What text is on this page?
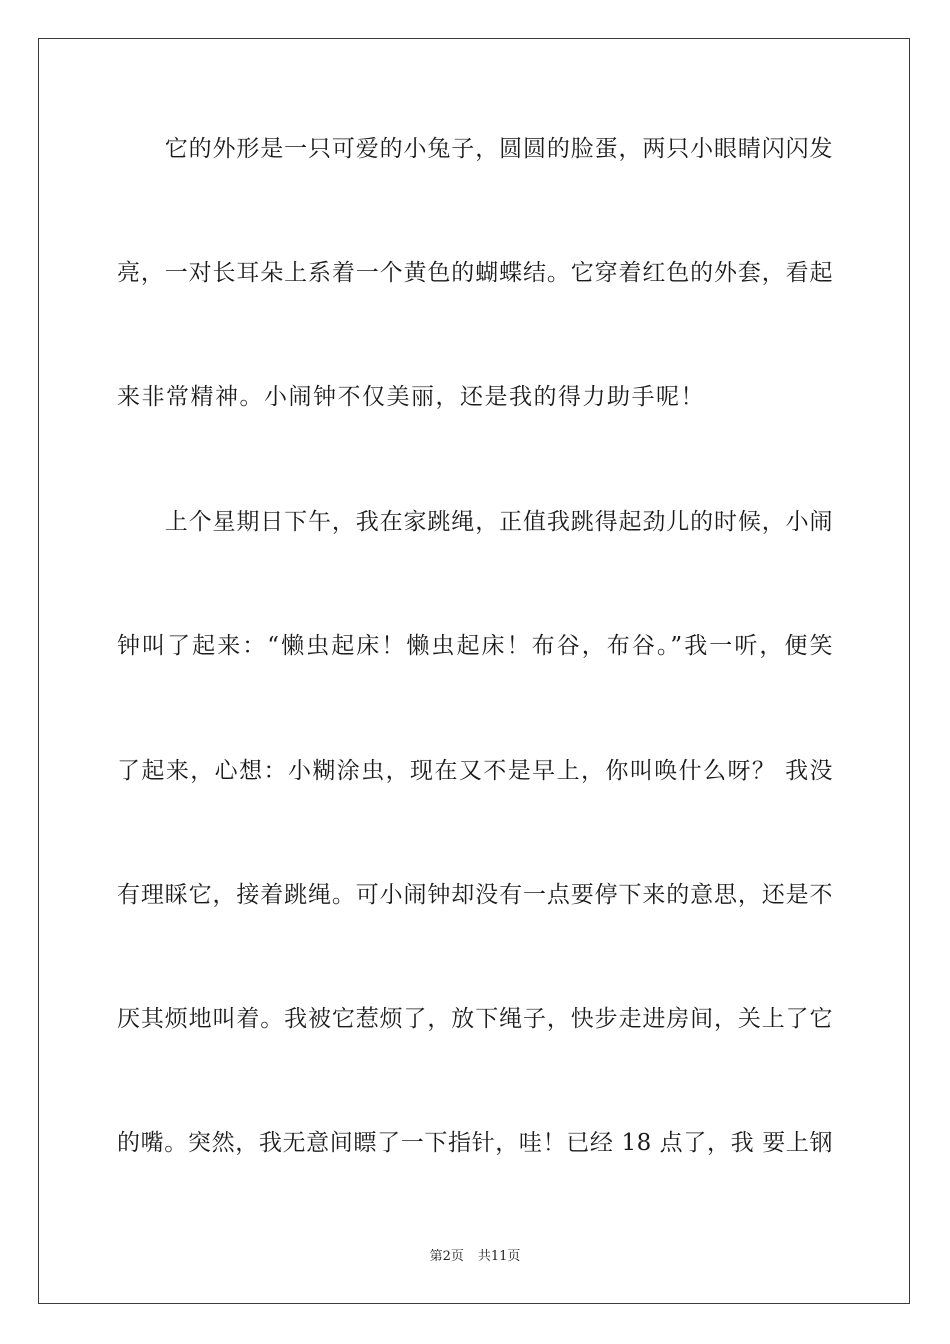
　　它的外形是一只可爱的小兔子，圆圆的脸蛋，两只小眼睛闪闪发
亮，一对长耳朵上系着一个黄色的蝴蝶结。它穿着红色的外套，看起
来非常精神。小闹钟不仅美丽，还是我的得力助手呢！
　　上个星期日下午，我在家跳绳，正值我跳得起劲儿的时候，小闹
钟叫了起来：“懒虫起床！懒虫起床！布谷，布谷。”我一听，便笑
了起来，心想：小糊涂虫，现在又不是早上，你叫唤什么呀？ 我没
有理睬它，接着跳绳。可小闹钟却没有一点要停下来的意思，还是不
厌其烦地叫着。我被它惹烦了，放下绳子，快步走进房间，关上了它
的嘴。突然，我无意间瞟了一下指针，哇！已经 18 点了，我 要上钢
第2页 共11页
